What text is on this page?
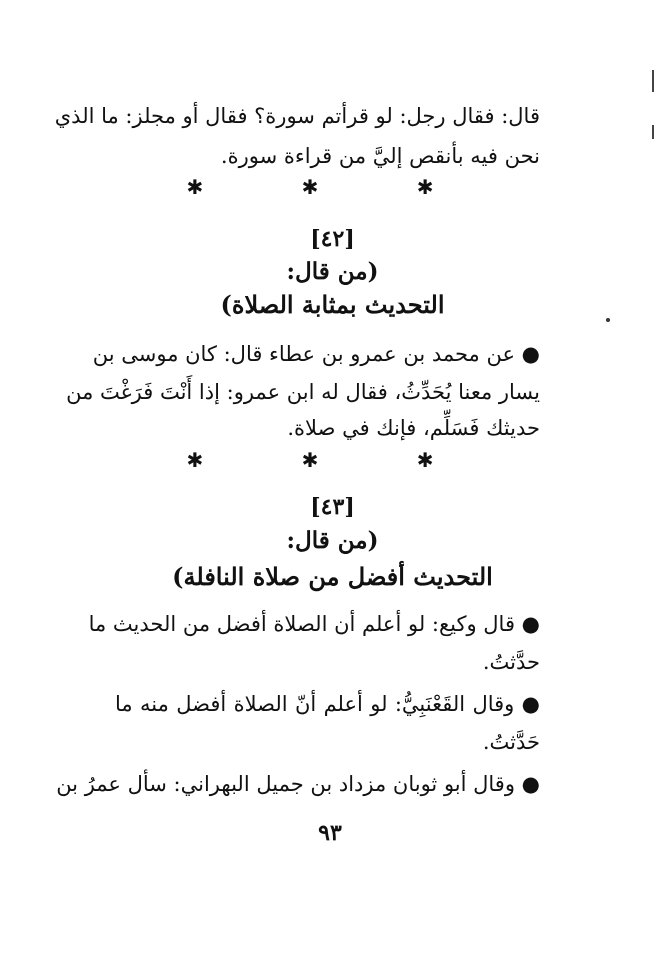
قال: فقال رجل: لو قرأتم سورة؟ فقال أو مجلز: ما الذي
نحن فيه بأنقص إليَّ من قراءة سورة.
✱	✱	✱
[٤٢]
(من قال:
التحديث بمثابة الصلاة)
● عن محمد بن عمرو بن عطاء قال: كان موسى بن
يسار معنا يُحَدِّثُ، فقال له ابن عمرو: إذا أَنْتَ فَرَغْتَ من
حديثك فَسَلِّم، فإنك في صلاة.
✱	✱	✱
[٤٣]
(من قال:
التحديث أفضل من صلاة النافلة)
● قال وكيع: لو أعلم أن الصلاة أفضل من الحديث ما
حدَّثتُ.
● وقال القَعْنَبِيُّ: لو أعلم أنّ الصلاة أفضل منه ما
حَدَّثتُ.
● وقال أبو ثوبان مزداد بن جميل البهراني: سأل عمرُ بن
٩٣
